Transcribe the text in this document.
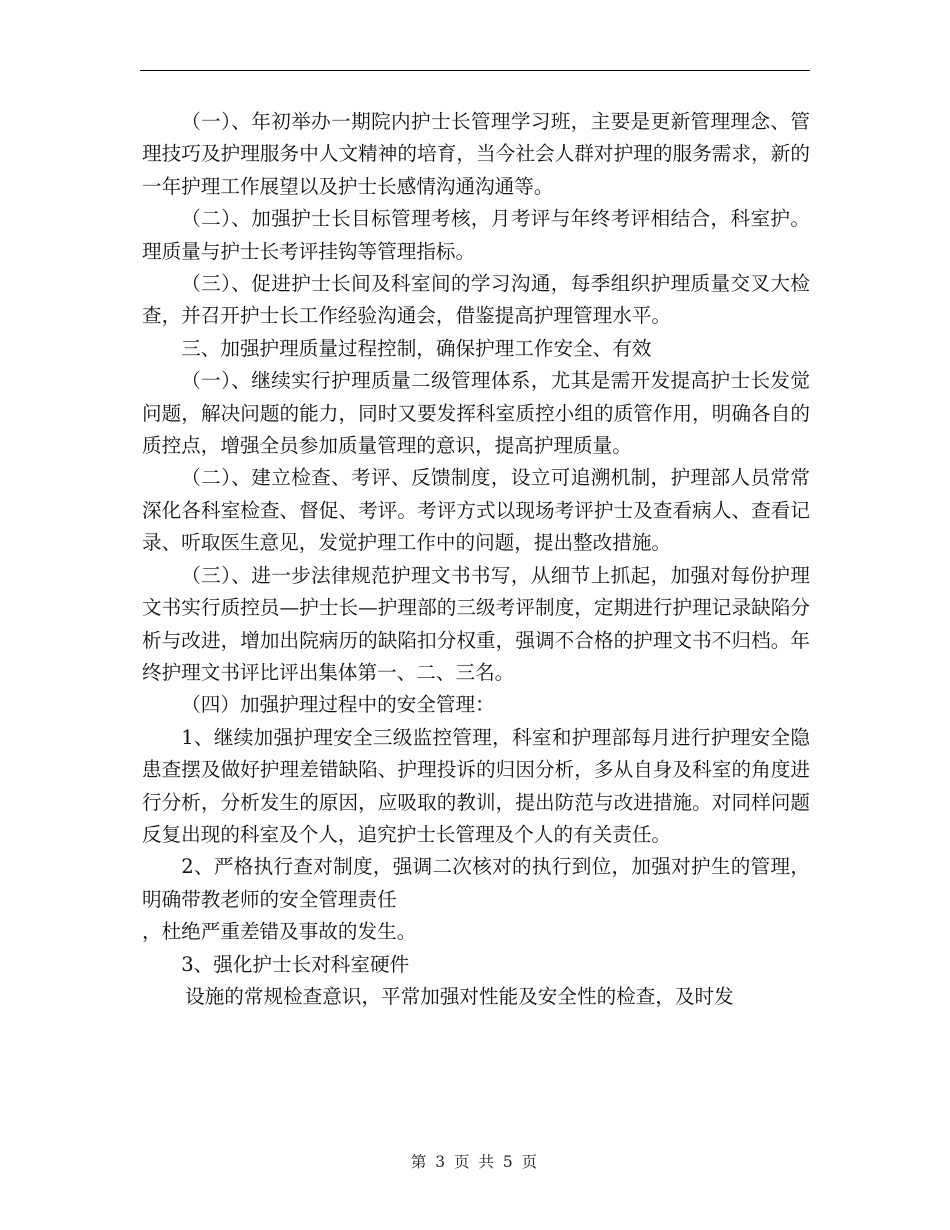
（一）、年初举办一期院内护士长管理学习班，主要是更新管理理念、管理技巧及护理服务中人文精神的培育，当今社会人群对护理的服务需求，新的一年护理工作展望以及护士长感情沟通沟通等。

（二）、加强护士长目标管理考核，月考评与年终考评相结合，科室护。理质量与护士长考评挂钩等管理指标。

（三）、促进护士长间及科室间的学习沟通，每季组织护理质量交叉大检查，并召开护士长工作经验沟通会，借鉴提高护理管理水平。

三、加强护理质量过程控制，确保护理工作安全、有效

（一）、继续实行护理质量二级管理体系，尤其是需开发提高护士长发觉问题，解决问题的能力，同时又要发挥科室质控小组的质管作用，明确各自的质控点，增强全员参加质量管理的意识，提高护理质量。

（二）、建立检查、考评、反馈制度，设立可追溯机制，护理部人员常常深化各科室检查、督促、考评。考评方式以现场考评护士及查看病人、查看记录、听取医生意见，发觉护理工作中的问题，提出整改措施。

（三）、进一步法律规范护理文书书写，从细节上抓起，加强对每份护理文书实行质控员—护士长—护理部的三级考评制度，定期进行护理记录缺陷分析与改进，增加出院病历的缺陷扣分权重，强调不合格的护理文书不归档。年终护理文书评比评出集体第一、二、三名。

（四）加强护理过程中的安全管理：

1、继续加强护理安全三级监控管理，科室和护理部每月进行护理安全隐患查摆及做好护理差错缺陷、护理投诉的归因分析，多从自身及科室的角度进行分析，分析发生的原因，应吸取的教训，提出防范与改进措施。对同样问题反复出现的科室及个人，追究护士长管理及个人的有关责任。

2、严格执行查对制度，强调二次核对的执行到位，加强对护生的管理，明确带教老师的安全管理责任

，杜绝严重差错及事故的发生。

3、强化护士长对科室硬件

设施的常规检查意识，平常加强对性能及安全性的检查，及时发

第 3 页 共 5 页
